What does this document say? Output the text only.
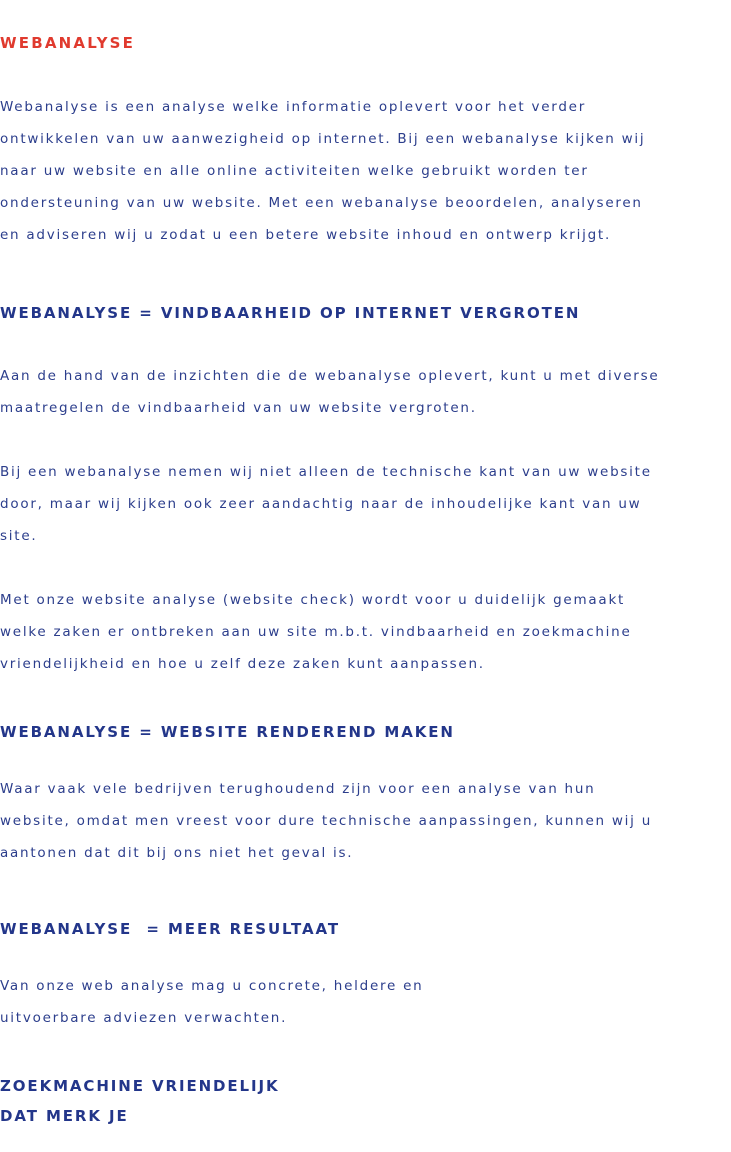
WEBANALYSE
Webanalyse is een analyse welke informatie oplevert voor het verder
ontwikkelen van uw aanwezigheid op internet. Bij een webanalyse kijken wij
naar uw website en alle online activiteiten welke gebruikt worden ter
ondersteuning van uw website. Met een webanalyse beoordelen, analyseren
en adviseren wij u zodat u een betere website inhoud en ontwerp krijgt.
WEBANALYSE = VINDBAARHEID OP INTERNET VERGROTEN
Aan de hand van de inzichten die de webanalyse oplevert, kunt u met diverse
maatregelen de vindbaarheid van uw website vergroten.
Bij een webanalyse nemen wij niet alleen de technische kant van uw website
door, maar wij kijken ook zeer aandachtig naar de inhoudelijke kant van uw
site.
Met onze website analyse (website check) wordt voor u duidelijk gemaakt
welke zaken er ontbreken aan uw site m.b.t. vindbaarheid en zoekmachine
vriendelijkheid en hoe u zelf deze zaken kunt aanpassen.
WEBANALYSE = WEBSITE RENDEREND MAKEN
Waar vaak vele bedrijven terughoudend zijn voor een analyse van hun
website, omdat men vreest voor dure technische aanpassingen, kunnen wij u
aantonen dat dit bij ons niet het geval is.
WEBANALYSE  = MEER RESULTAAT
Van onze web analyse mag u concrete, heldere en
uitvoerbare adviezen verwachten.
ZOEKMACHINE VRIENDELIJK
DAT MERK JE
